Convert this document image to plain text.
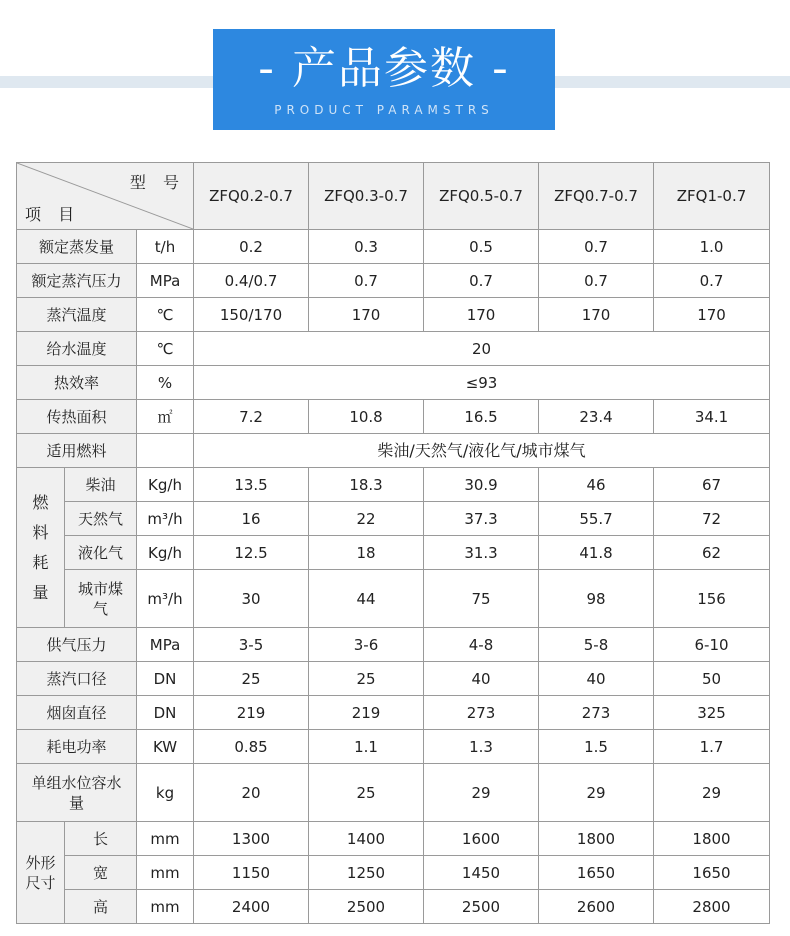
- 产品参数 -
PRODUCT PARAMSTRS
型 号
项 目			ZFQ0.2-0.7	ZFQ0.3-0.7	ZFQ0.5-0.7	ZFQ0.7-0.7	ZFQ1-0.7
额定蒸发量		t/h	0.2	0.3	0.5	0.7	1.0
额定蒸汽压力		MPa	0.4/0.7	0.7	0.7	0.7	0.7
蒸汽温度		℃	150/170	170	170	170	170
给水温度		℃	20				
热效率		%	≤93				
传热面积		㎡	7.2	10.8	16.5	23.4	34.1
适用燃料			柴油/天然气/液化气/城市煤气				
燃料耗量	柴油	Kg/h	13.5	18.3	30.9	46	67
	天然气	m³/h	16	22	37.3	55.7	72
	液化气	Kg/h	12.5	18	31.3	41.8	62
	城市煤气	m³/h	30	44	75	98	156
供气压力		MPa	3-5	3-6	4-8	5-8	6-10
蒸汽口径		DN	25	25	40	40	50
烟囱直径		DN	219	219	273	273	325
耗电功率		KW	0.85	1.1	1.3	1.5	1.7
单组水位容水量		kg	20	25	29	29	29
外形尺寸	长	mm	1300	1400	1600	1800	1800
	宽	mm	1150	1250	1450	1650	1650
	高	mm	2400	2500	2500	2600	2800
